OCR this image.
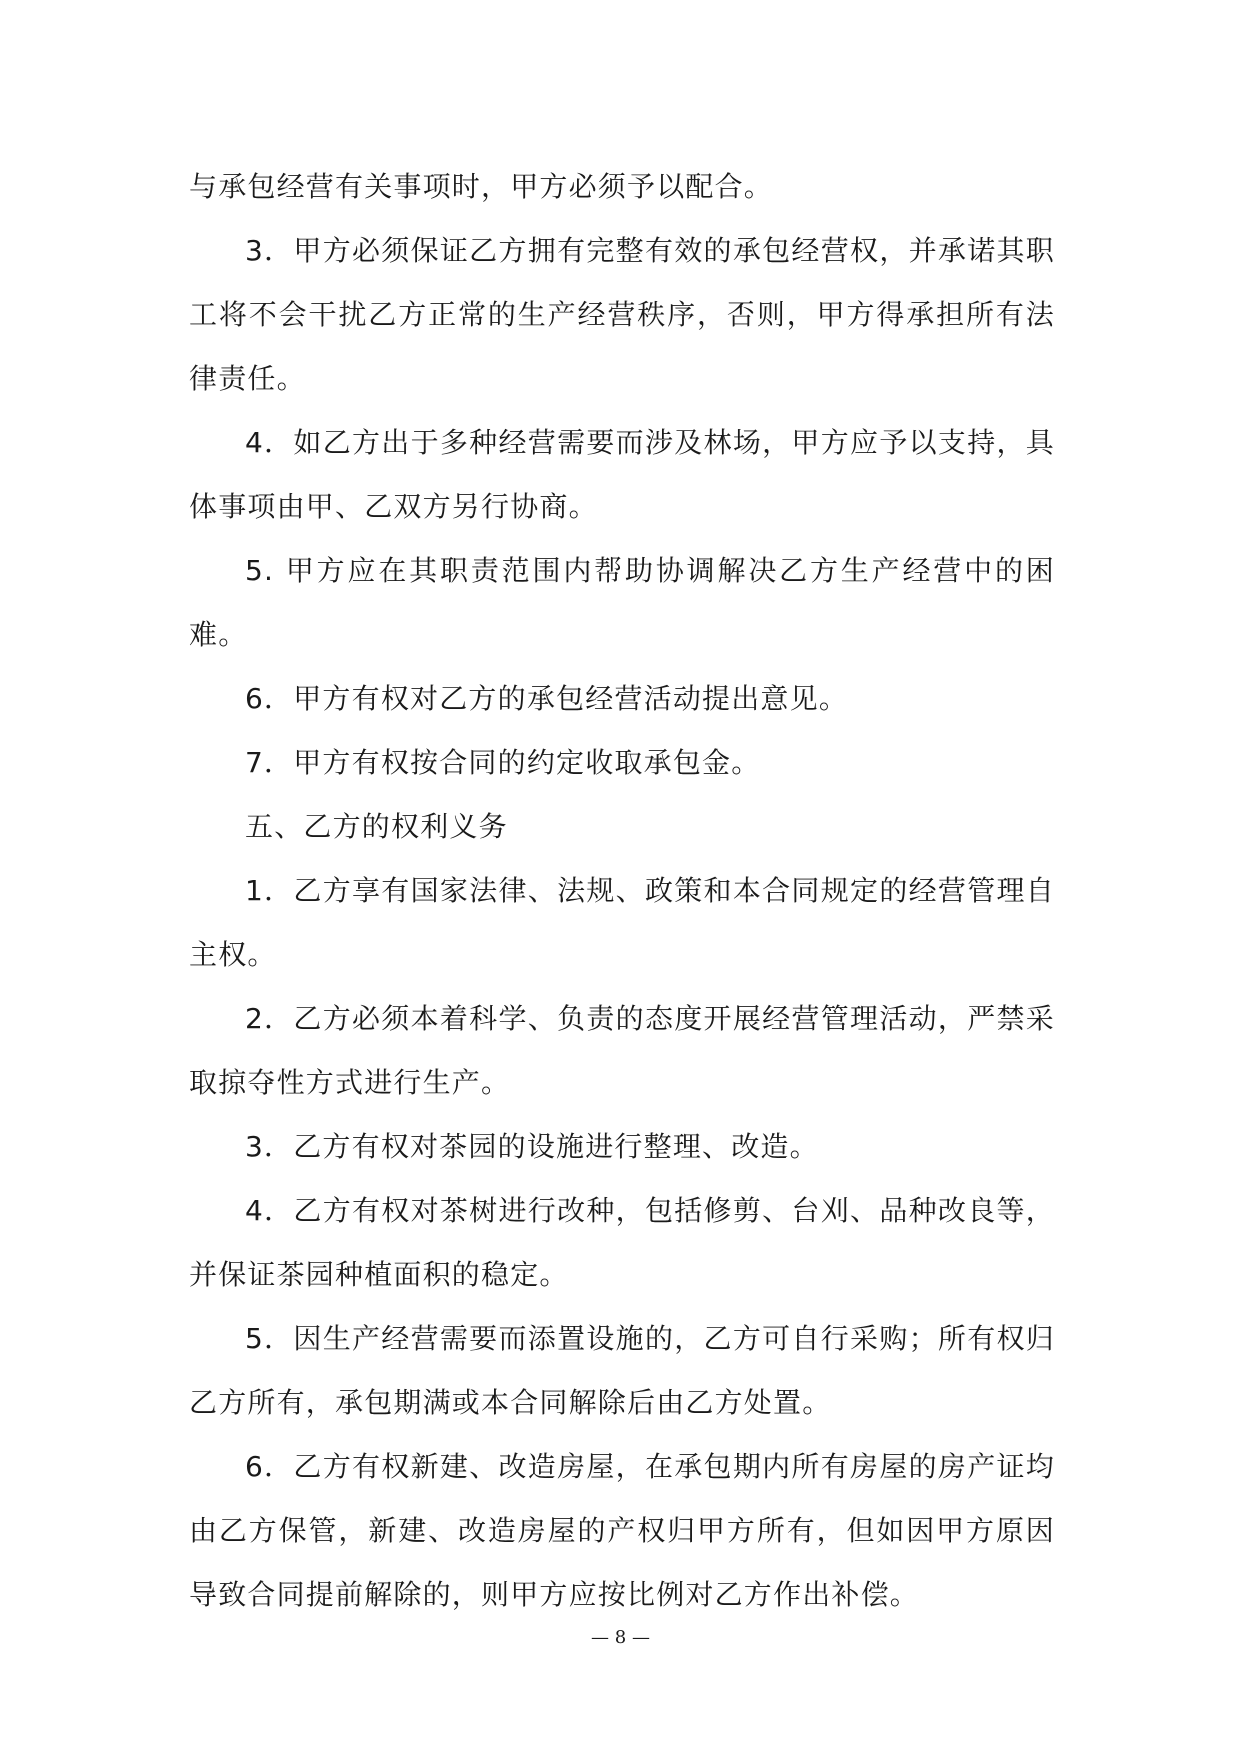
与承包经营有关事项时，甲方必须予以配合。

3．甲方必须保证乙方拥有完整有效的承包经营权，并承诺其职工将不会干扰乙方正常的生产经营秩序，否则，甲方得承担所有法律责任。

4．如乙方出于多种经营需要而涉及林场，甲方应予以支持，具体事项由甲、乙双方另行协商。

5. 甲方应在其职责范围内帮助协调解决乙方生产经营中的困难。

6．甲方有权对乙方的承包经营活动提出意见。

7．甲方有权按合同的约定收取承包金。

五、乙方的权利义务

1．乙方享有国家法律、法规、政策和本合同规定的经营管理自主权。

2．乙方必须本着科学、负责的态度开展经营管理活动，严禁采取掠夺性方式进行生产。

3．乙方有权对茶园的设施进行整理、改造。

4．乙方有权对茶树进行改种，包括修剪、台刈、品种改良等，并保证茶园种植面积的稳定。

5．因生产经营需要而添置设施的，乙方可自行采购；所有权归乙方所有，承包期满或本合同解除后由乙方处置。

6．乙方有权新建、改造房屋，在承包期内所有房屋的房产证均由乙方保管，新建、改造房屋的产权归甲方所有，但如因甲方原因导致合同提前解除的，则甲方应按比例对乙方作出补偿。

— 8 —
